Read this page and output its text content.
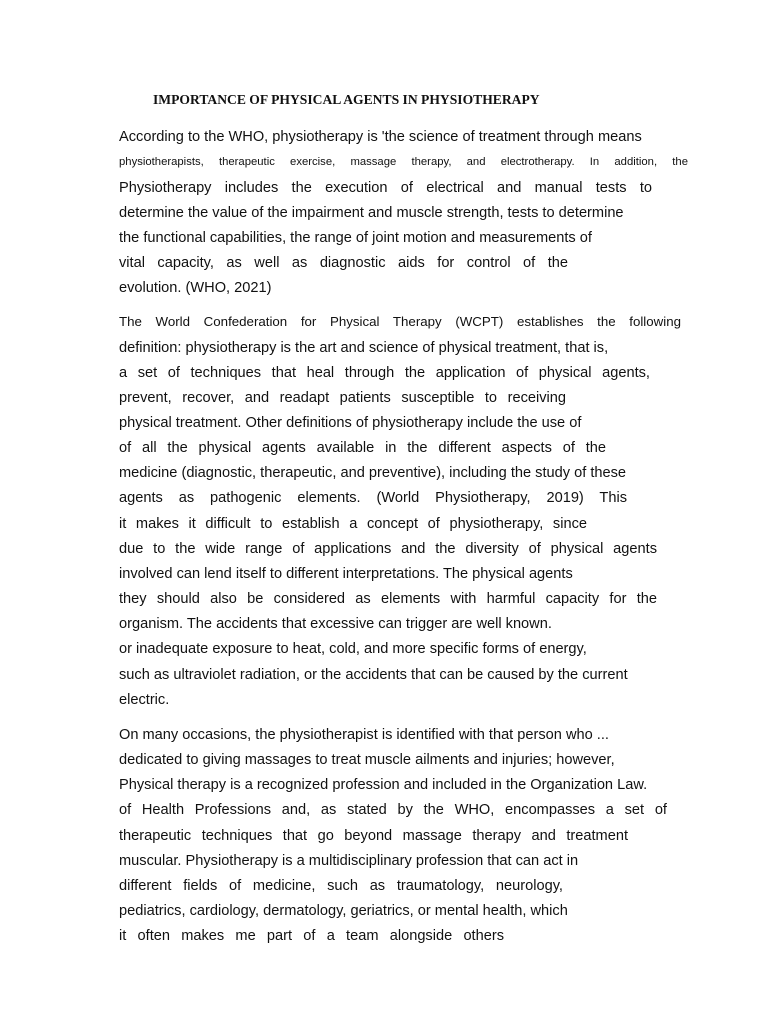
IMPORTANCE OF PHYSICAL AGENTS IN PHYSIOTHERAPY
According to the WHO, physiotherapy is 'the science of treatment through means
physiotherapists, therapeutic exercise, massage therapy, and electrotherapy. In addition, the
Physiotherapy includes the execution of electrical and manual tests to
determine the value of the impairment and muscle strength, tests to determine
the functional capabilities, the range of joint motion and measurements of
vital capacity, as well as diagnostic aids for control of the
evolution. (WHO, 2021)
The World Confederation for Physical Therapy (WCPT) establishes the following
definition: physiotherapy is the art and science of physical treatment, that is,
a set of techniques that heal through the application of physical agents,
prevent, recover, and readapt patients susceptible to receiving
physical treatment. Other definitions of physiotherapy include the use of
of all the physical agents available in the different aspects of the
medicine (diagnostic, therapeutic, and preventive), including the study of these
agents as pathogenic elements. (World Physiotherapy, 2019) This
it makes it difficult to establish a concept of physiotherapy, since
due to the wide range of applications and the diversity of physical agents
involved can lend itself to different interpretations. The physical agents
they should also be considered as elements with harmful capacity for the
organism. The accidents that excessive can trigger are well known.
or inadequate exposure to heat, cold, and more specific forms of energy,
such as ultraviolet radiation, or the accidents that can be caused by the current
electric.
On many occasions, the physiotherapist is identified with that person who ...
dedicated to giving massages to treat muscle ailments and injuries; however,
Physical therapy is a recognized profession and included in the Organization Law.
of Health Professions and, as stated by the WHO, encompasses a set of
therapeutic techniques that go beyond massage therapy and treatment
muscular. Physiotherapy is a multidisciplinary profession that can act in
different fields of medicine, such as traumatology, neurology,
pediatrics, cardiology, dermatology, geriatrics, or mental health, which
it often makes me part of a team alongside others
